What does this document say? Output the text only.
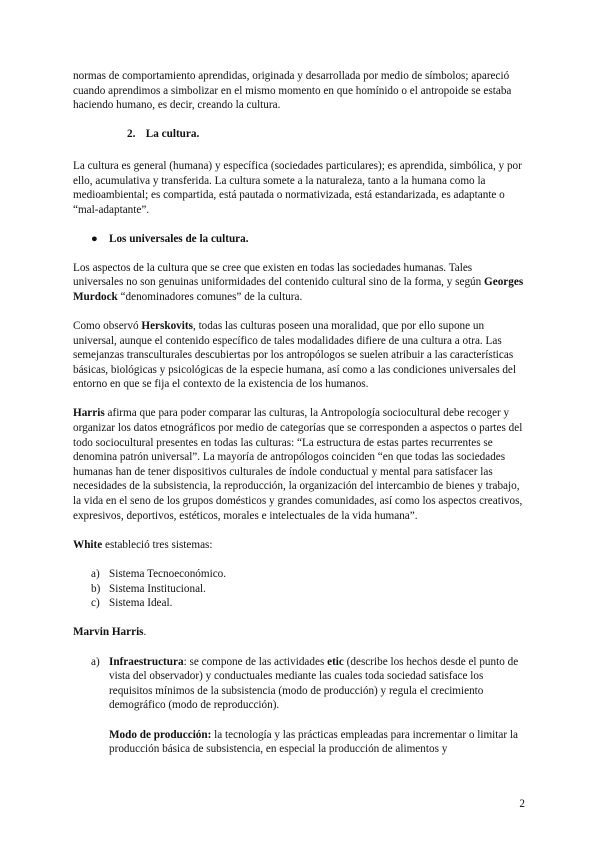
normas de comportamiento aprendidas, originada y desarrollada por medio de símbolos; apareció cuando aprendimos a simbolizar en el mismo momento en que homínido o el antropoide se estaba haciendo humano, es decir, creando la cultura.

2. La cultura.

La cultura es general (humana) y específica (sociedades particulares); es aprendida, simbólica, y por ello, acumulativa y transferida. La cultura somete a la naturaleza, tanto a la humana como la medioambiental; es compartida, está pautada o normativizada, está estandarizada, es adaptante o “mal-adaptante”.

● Los universales de la cultura.

Los aspectos de la cultura que se cree que existen en todas las sociedades humanas. Tales universales no son genuinas uniformidades del contenido cultural sino de la forma, y según Georges Murdock “denominadores comunes” de la cultura.

Como observó Herskovits, todas las culturas poseen una moralidad, que por ello supone un universal, aunque el contenido específico de tales modalidades difiere de una cultura a otra. Las semejanzas transculturales descubiertas por los antropólogos se suelen atribuir a las características básicas, biológicas y psicológicas de la especie humana, así como a las condiciones universales del entorno en que se fija el contexto de la existencia de los humanos.

Harris afirma que para poder comparar las culturas, la Antropología sociocultural debe recoger y organizar los datos etnográficos por medio de categorías que se corresponden a aspectos o partes del todo sociocultural presentes en todas las culturas: “La estructura de estas partes recurrentes se denomina patrón universal”. La mayoría de antropólogos coinciden “en que todas las sociedades humanas han de tener dispositivos culturales de índole conductual y mental para satisfacer las necesidades de la subsistencia, la reproducción, la organización del intercambio de bienes y trabajo, la vida en el seno de los grupos domésticos y grandes comunidades, así como los aspectos creativos, expresivos, deportivos, estéticos, morales e intelectuales de la vida humana”.

White estableció tres sistemas:

a) Sistema Tecnoeconómico.
b) Sistema Institucional.
c) Sistema Ideal.

Marvin Harris.

a) Infraestructura: se compone de las actividades etic (describe los hechos desde el punto de vista del observador) y conductuales mediante las cuales toda sociedad satisface los requisitos mínimos de la subsistencia (modo de producción) y regula el crecimiento demográfico (modo de reproducción).

Modo de producción: la tecnología y las prácticas empleadas para incrementar o limitar la producción básica de subsistencia, en especial la producción de alimentos y

2
